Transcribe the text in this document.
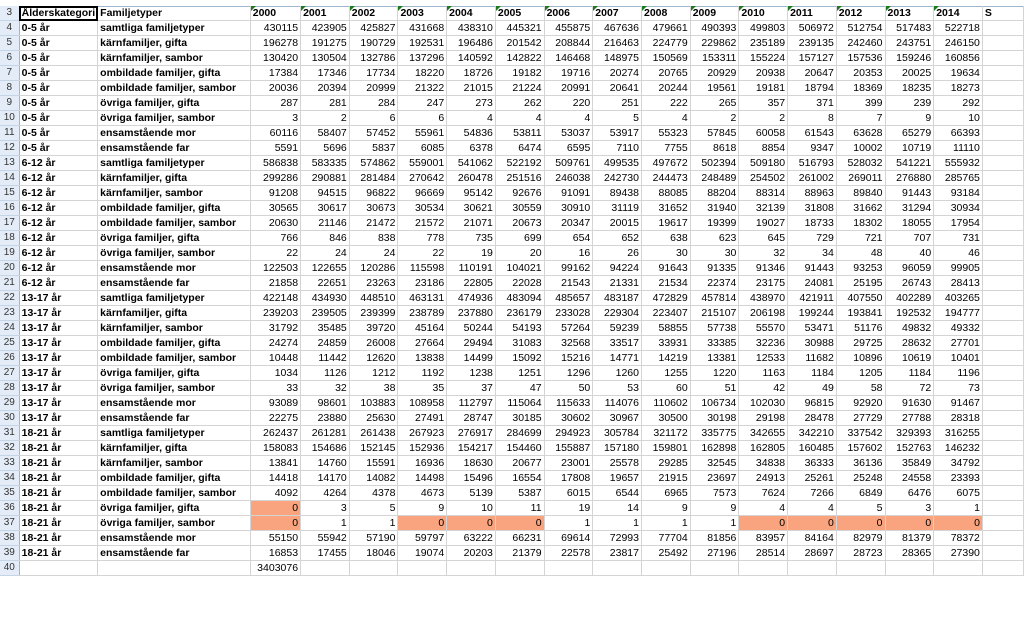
3	Ålderskategori	Familjetyper	2000	2001	2002	2003	2004	2005	2006	2007	2008	2009	2010	2011	2012	2013	2014	S
4	0-5 år	samtliga familjetyper	430115	423905	425827	431668	438310	445321	455875	467636	479661	490393	499803	506972	512754	517483	522718	
5	0-5 år	kärnfamiljer, gifta	196278	191275	190729	192531	196486	201542	208844	216463	224779	229862	235189	239135	242460	243751	246150	
6	0-5 år	kärnfamiljer, sambor	130420	130504	132786	137296	140592	142822	146468	148975	150569	153311	155224	157127	157536	159246	160856	
7	0-5 år	ombildade familjer, gifta	17384	17346	17734	18220	18726	19182	19716	20274	20765	20929	20938	20647	20353	20025	19634	
8	0-5 år	ombildade familjer, sambor	20036	20394	20999	21322	21015	21224	20991	20641	20244	19561	19181	18794	18369	18235	18273	
9	0-5 år	övriga familjer, gifta	287	281	284	247	273	262	220	251	222	265	357	371	399	239	292	
10	0-5 år	övriga familjer, sambor	3	2	6	6	4	4	4	5	4	2	2	8	7	9	10	
11	0-5 år	ensamstående mor	60116	58407	57452	55961	54836	53811	53037	53917	55323	57845	60058	61543	63628	65279	66393	
12	0-5 år	ensamstående far	5591	5696	5837	6085	6378	6474	6595	7110	7755	8618	8854	9347	10002	10719	11110	
13	6-12 år	samtliga familjetyper	586838	583335	574862	559001	541062	522192	509761	499535	497672	502394	509180	516793	528032	541221	555932	
14	6-12 år	kärnfamiljer, gifta	299286	290881	281484	270642	260478	251516	246038	242730	244473	248489	254502	261002	269011	276880	285765	
15	6-12 år	kärnfamiljer, sambor	91208	94515	96822	96669	95142	92676	91091	89438	88085	88204	88314	88963	89840	91443	93184	
16	6-12 år	ombildade familjer, gifta	30565	30617	30673	30534	30621	30559	30910	31119	31652	31940	32139	31808	31662	31294	30934	
17	6-12 år	ombildade familjer, sambor	20630	21146	21472	21572	21071	20673	20347	20015	19617	19399	19027	18733	18302	18055	17954	
18	6-12 år	övriga familjer, gifta	766	846	838	778	735	699	654	652	638	623	645	729	721	707	731	
19	6-12 år	övriga familjer, sambor	22	24	24	22	19	20	16	26	30	30	32	34	48	40	46	
20	6-12 år	ensamstående mor	122503	122655	120286	115598	110191	104021	99162	94224	91643	91335	91346	91443	93253	96059	99905	
21	6-12 år	ensamstående far	21858	22651	23263	23186	22805	22028	21543	21331	21534	22374	23175	24081	25195	26743	28413	
22	13-17 år	samtliga familjetyper	422148	434930	448510	463131	474936	483094	485657	483187	472829	457814	438970	421911	407550	402289	403265	
23	13-17 år	kärnfamiljer, gifta	239203	239505	239399	238789	237880	236179	233028	229304	223407	215107	206198	199244	193841	192532	194777	
24	13-17 år	kärnfamiljer, sambor	31792	35485	39720	45164	50244	54193	57264	59239	58855	57738	55570	53471	51176	49832	49332	
25	13-17 år	ombildade familjer, gifta	24274	24859	26008	27664	29494	31083	32568	33517	33931	33385	32236	30988	29725	28632	27701	
26	13-17 år	ombildade familjer, sambor	10448	11442	12620	13838	14499	15092	15216	14771	14219	13381	12533	11682	10896	10619	10401	
27	13-17 år	övriga familjer, gifta	1034	1126	1212	1192	1238	1251	1296	1260	1255	1220	1163	1184	1205	1184	1196	
28	13-17 år	övriga familjer, sambor	33	32	38	35	37	47	50	53	60	51	42	49	58	72	73	
29	13-17 år	ensamstående mor	93089	98601	103883	108958	112797	115064	115633	114076	110602	106734	102030	96815	92920	91630	91467	
30	13-17 år	ensamstående far	22275	23880	25630	27491	28747	30185	30602	30967	30500	30198	29198	28478	27729	27788	28318	
31	18-21 år	samtliga familjetyper	262437	261281	261438	267923	276917	284699	294923	305784	321172	335775	342655	342210	337542	329393	316255	
32	18-21 år	kärnfamiljer, gifta	158083	154686	152145	152936	154217	154460	155887	157180	159801	162898	162805	160485	157602	152763	146232	
33	18-21 år	kärnfamiljer, sambor	13841	14760	15591	16936	18630	20677	23001	25578	29285	32545	34838	36333	36136	35849	34792	
34	18-21 år	ombildade familjer, gifta	14418	14170	14082	14498	15496	16554	17808	19657	21915	23697	24913	25261	25248	24558	23393	
35	18-21 år	ombildade familjer, sambor	4092	4264	4378	4673	5139	5387	6015	6544	6965	7573	7624	7266	6849	6476	6075	
36	18-21 år	övriga familjer, gifta	0	3	5	9	10	11	19	14	9	9	4	4	5	3	1	
37	18-21 år	övriga familjer, sambor	0	1	1	0	0	0	1	1	1	1	0	0	0	0	0	
38	18-21 år	ensamstående mor	55150	55942	57190	59797	63222	66231	69614	72993	77704	81856	83957	84164	82979	81379	78372	
39	18-21 år	ensamstående far	16853	17455	18046	19074	20203	21379	22578	23817	25492	27196	28514	28697	28723	28365	27390	
40			3403076															
